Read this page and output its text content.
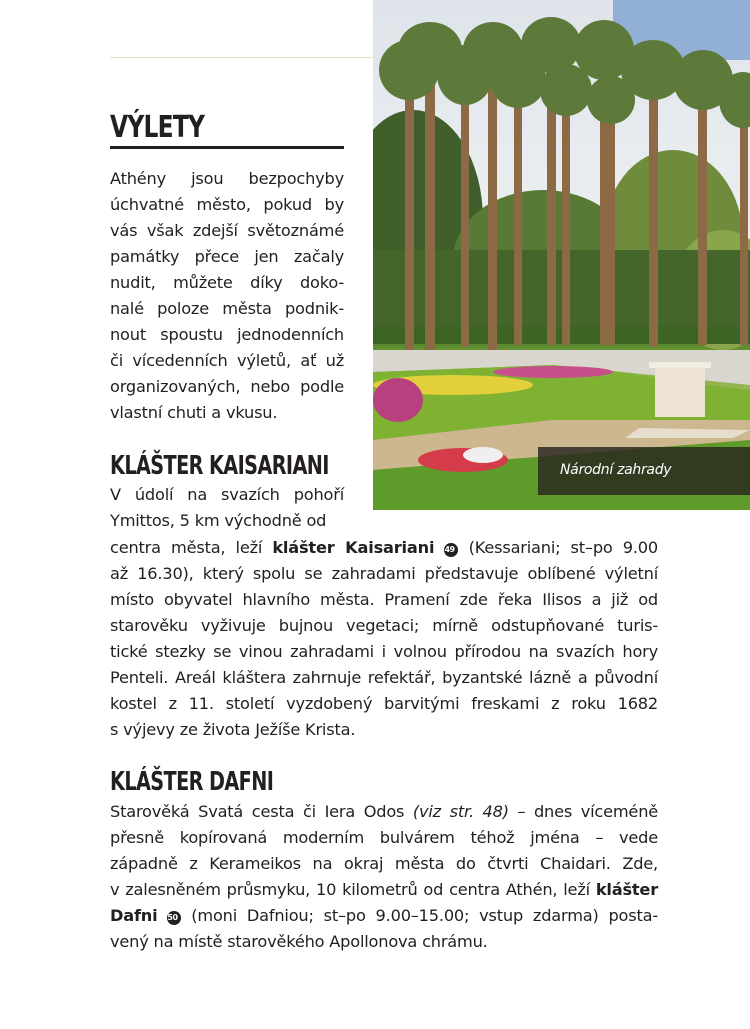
Národní zahrady
VÝLETY
Athény jsou bezpochyby
úchvatné město, pokud by
vás však zdejší světoznámé
památky přece jen začaly
nudit, můžete díky doko-
nalé poloze města podnik-
nout spoustu jednodenních
či vícedenních výletů, ať už
organizovaných, nebo podle
vlastní chuti a vkusu.
KLÁŠTER KAISARIANI
V údolí na svazích pohoří
Ymittos, 5 km východně od
centra města, leží klášter Kaisariani 49 (Kessariani; st–po 9.00
až 16.30), který spolu se zahradami představuje oblíbené výletní
místo obyvatel hlavního města. Pramení zde řeka Ilisos a již od
starověku vyživuje bujnou vegetaci; mírně odstupňované turis-
tické stezky se vinou zahradami i volnou přírodou na svazích hory
Penteli. Areál kláštera zahrnuje refektář, byzantské lázně a původní
kostel z 11. století vyzdobený barvitými freskami z roku 1682
s výjevy ze života Ježíše Krista.
KLÁŠTER DAFNI
Starověká Svatá cesta či Iera Odos (viz str. 48) – dnes víceméně
přesně kopírovaná moderním bulvárem téhož jména – vede
západně z Kerameikos na okraj města do čtvrti Chaidari. Zde,
v zalesněném průsmyku, 10 kilometrů od centra Athén, leží klášter
Dafni 50 (moni Dafniou; st–po 9.00–15.00; vstup zdarma) posta-
vený na místě starověkého Apollonova chrámu.
